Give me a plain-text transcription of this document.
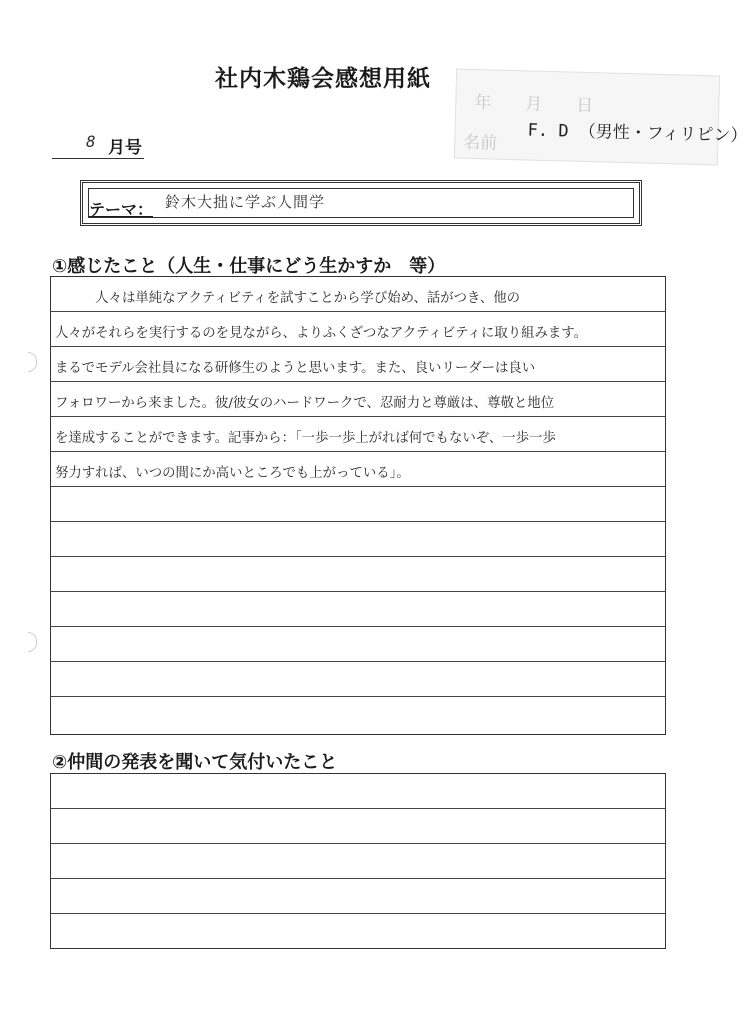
社内木鶏会感想用紙
年　　月　　日
名前 F. D （男性・フィリピン）
8 月号
テーマ： 鈴木大拙に学ぶ人間学
①感じたこと（人生・仕事にどう生かすか　等）
　　　人々は単純なアクティビティを試すことから学び始め、話がつき、他の
人々がそれらを実行するのを見ながら、よりふくざつなアクティビティに取り組みます。
まるでモデル会社員になる研修生のようと思います。また、良いリーダーは良い
フォロワーから来ました。彼/彼女のハードワークで、忍耐力と尊厳は、尊敬と地位
を達成することができます。記事から：「一歩一歩上がれば何でもないぞ、一歩一歩
努力すれば、いつの間にか高いところでも上がっている」。
②仲間の発表を聞いて気付いたこと
